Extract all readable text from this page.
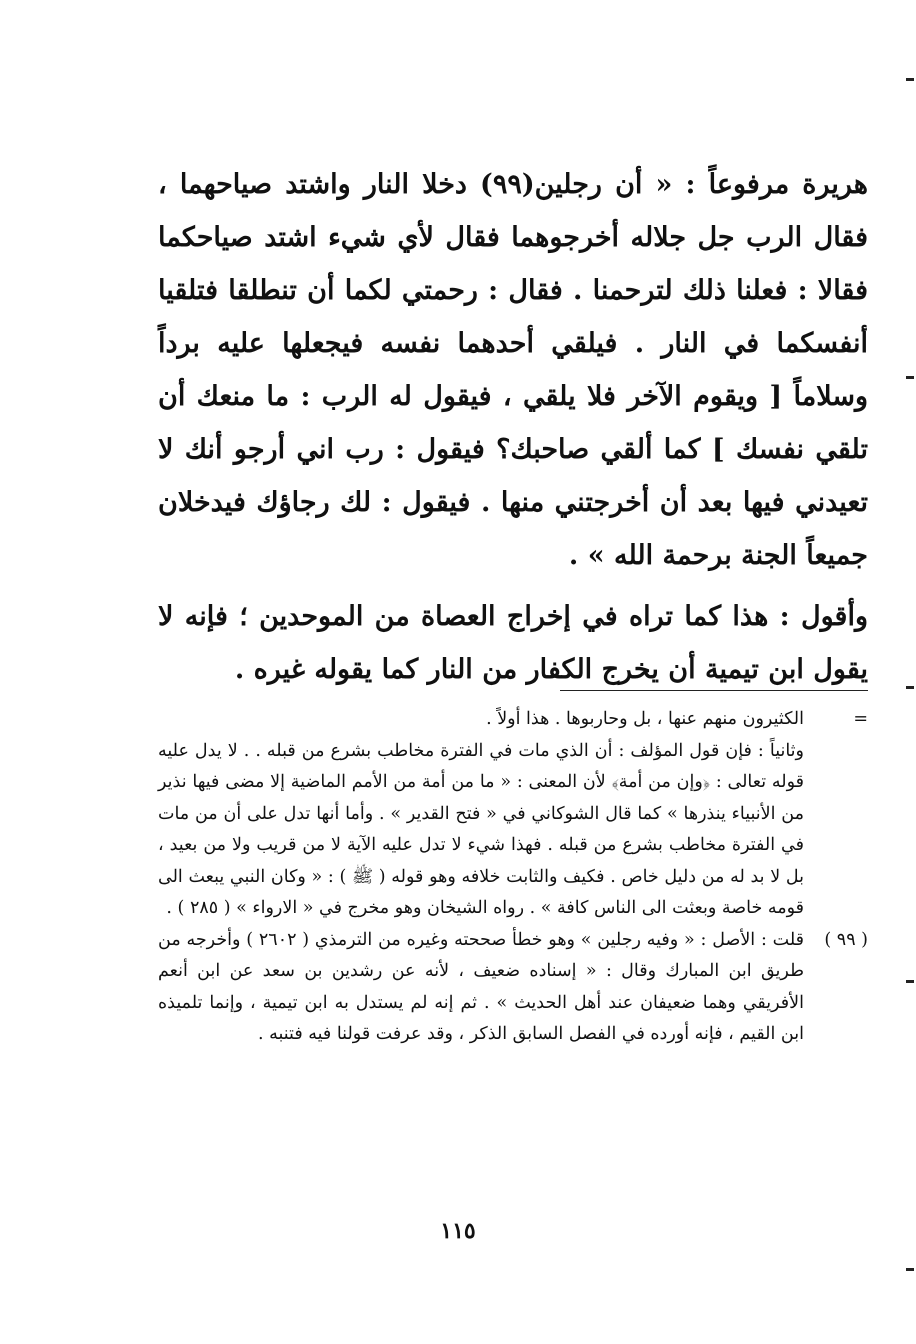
هريرة مرفوعاً : « أن رجلين(٩٩) دخلا النار واشتد صياحهما ، فقال الرب جل جلاله أخرجوهما فقال لأي شيء اشتد صياحكما فقالا : فعلنا ذلك لترحمنا . فقال : رحمتي لكما أن تنطلقا فتلقيا أنفسكما في النار . فيلقي أحدهما نفسه فيجعلها عليه برداً وسلاماً [ ويقوم الآخر فلا يلقي ، فيقول له الرب : ما منعك أن تلقي نفسك ] كما ألقي صاحبك؟ فيقول : رب اني أرجو أنك لا تعيدني فيها بعد أن أخرجتني منها . فيقول : لك رجاؤك فيدخلان جميعاً الجنة برحمة الله » .

وأقول : هذا كما تراه في إخراج العصاة من الموحدين ؛ فإنه لا يقول ابن تيمية أن يخرج الكفار من النار كما يقوله غيره .

=

الكثيرون منهم عنها ، بل وحاربوها . هذا أولاً .

وثانياً : فإن قول المؤلف : أن الذي مات في الفترة مخاطب بشرع من قبله . . لا يدل عليه قوله تعالى : ﴿وإن من أمة﴾ لأن المعنى : « ما من أمة من الأمم الماضية إلا مضى فيها نذير من الأنبياء ينذرها » كما قال الشوكاني في « فتح القدير » . وأما أنها تدل على أن من مات في الفترة مخاطب بشرع من قبله . فهذا شيء لا تدل عليه الآية لا من قريب ولا من بعيد ، بل لا بد له من دليل خاص . فكيف والثابت خلافه وهو قوله ( ﷺ ) : « وكان النبي يبعث الى قومه خاصة وبعثت الى الناس كافة » . رواه الشيخان وهو مخرج في « الارواء » ( ٢٨٥ ) .

( ٩٩ )

قلت : الأصل : « وفيه رجلين » وهو خطأ صححته وغيره من الترمذي ( ٢٦٠٢ ) وأخرجه من طريق ابن المبارك وقال : « إسناده ضعيف ، لأنه عن رشدين بن سعد عن ابن أنعم الأفريقي وهما ضعيفان عند أهل الحديث » . ثم إنه لم يستدل به ابن تيمية ، وإنما تلميذه ابن القيم ، فإنه أورده في الفصل السابق الذكر ، وقد عرفت قولنا فيه فتنبه .

١١٥
